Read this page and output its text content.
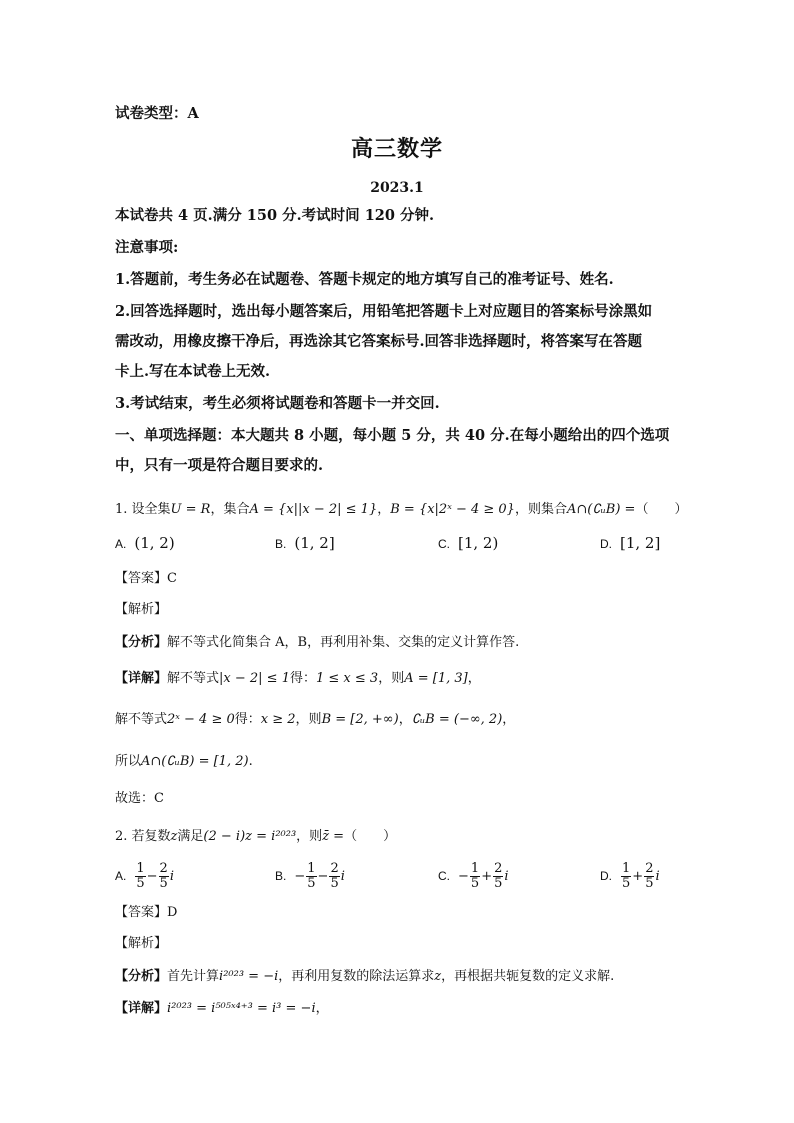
试卷类型：A
高三数学
2023.1
本试卷共 4 页.满分 150 分.考试时间 120 分钟.
注意事项:
1.答题前，考生务必在试题卷、答题卡规定的地方填写自己的准考证号、姓名.
2.回答选择题时，选出每小题答案后，用铅笔把答题卡上对应题目的答案标号涂黑如
需改动，用橡皮擦干净后，再选涂其它答案标号.回答非选择题时，将答案写在答题
卡上.写在本试卷上无效.
3.考试结束，考生必须将试题卷和答题卡一并交回.
一、单项选择题：本大题共 8 小题，每小题 5 分，共 40 分.在每小题给出的四个选项
中，只有一项是符合题目要求的.
1. 设全集U = R，集合A = {x||x − 2| ≤ 1}，B = {x|2ˣ − 4 ≥ 0}，则集合A∩(∁ᵤB) =（　　）
A. (1, 2)	B. (1, 2]	C. [1, 2)	D. [1, 2]
【答案】C
【解析】
【分析】解不等式化简集合 A，B，再利用补集、交集的定义计算作答.
【详解】解不等式|x − 2| ≤ 1得：1 ≤ x ≤ 3，则A = [1, 3]，
解不等式2ˣ − 4 ≥ 0得：x ≥ 2，则B = [2, +∞)，∁ᵤB = (−∞, 2)，
所以A∩(∁ᵤB) = [1, 2).
故选：C
2. 若复数z满足(2 − i)z = i²⁰²³，则z̄ =（　　）
A. $\frac{1}{5} - \frac{2}{5}$ i	B. − $\frac{1}{5} - \frac{2}{5}$ i	C. − $\frac{1}{5} + \frac{2}{5}$ i	D. $\frac{1}{5} + \frac{2}{5}$ i
【答案】D
【解析】
【分析】首先计算i²⁰²³ = −i，再利用复数的除法运算求z，再根据共轭复数的定义求解.
【详解】i²⁰²³ = i⁵⁰⁵ˣ⁴⁺³ = i³ = −i，
